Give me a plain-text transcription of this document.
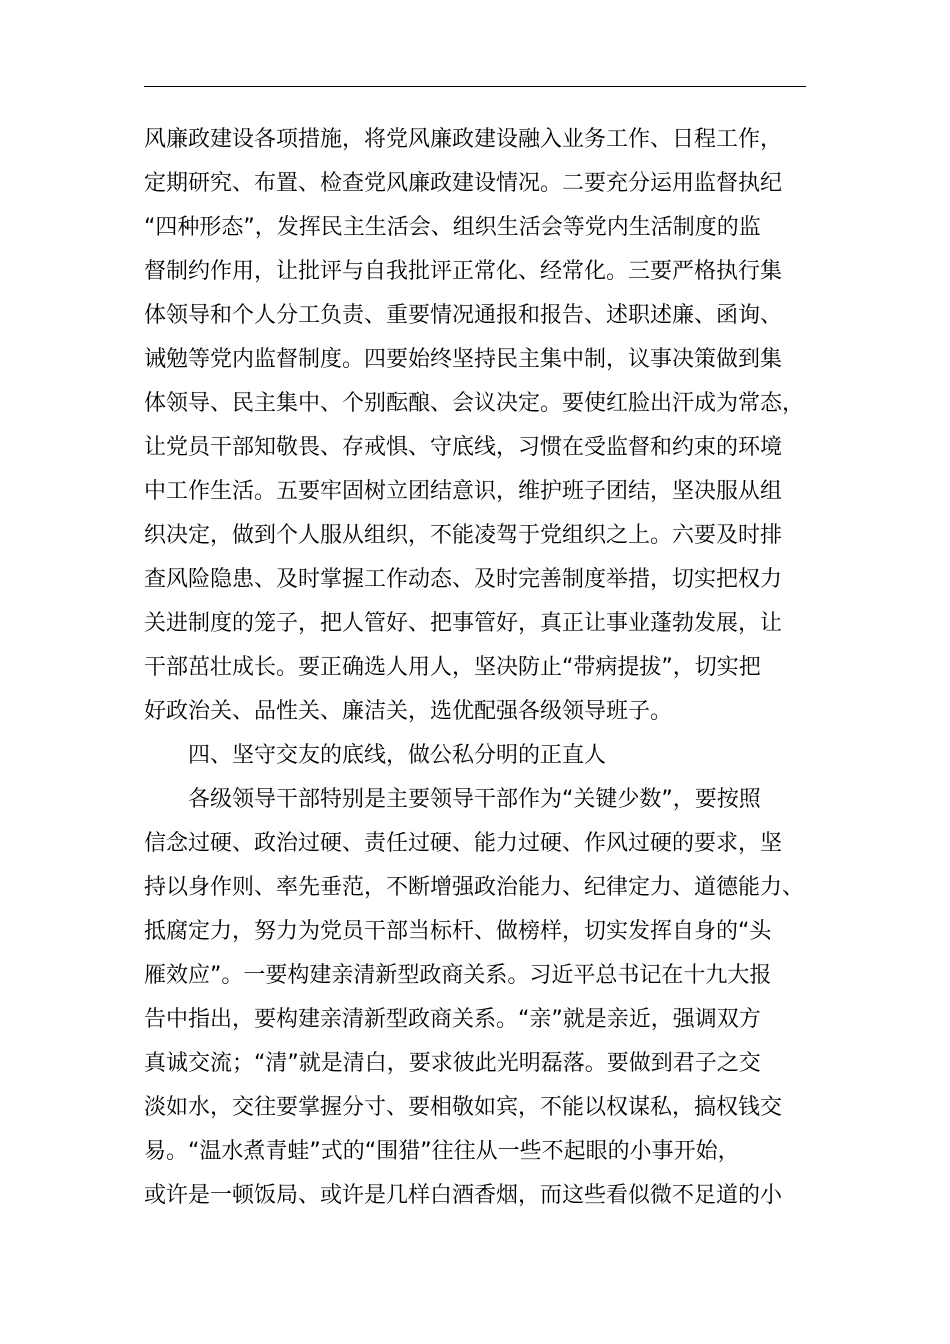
风廉政建设各项措施，将党风廉政建设融入业务工作、日程工作，
定期研究、布置、检查党风廉政建设情况。二要充分运用监督执纪
“四种形态”，发挥民主生活会、组织生活会等党内生活制度的监
督制约作用，让批评与自我批评正常化、经常化。三要严格执行集
体领导和个人分工负责、重要情况通报和报告、述职述廉、函询、
诫勉等党内监督制度。四要始终坚持民主集中制，议事决策做到集
体领导、民主集中、个别酝酿、会议决定。要使红脸出汗成为常态，
让党员干部知敬畏、存戒惧、守底线，习惯在受监督和约束的环境
中工作生活。五要牢固树立团结意识，维护班子团结，坚决服从组
织决定，做到个人服从组织，不能凌驾于党组织之上。六要及时排
查风险隐患、及时掌握工作动态、及时完善制度举措，切实把权力
关进制度的笼子，把人管好、把事管好，真正让事业蓬勃发展，让
干部茁壮成长。要正确选人用人，坚决防止“带病提拔”，切实把
好政治关、品性关、廉洁关，选优配强各级领导班子。
四、坚守交友的底线，做公私分明的正直人
各级领导干部特别是主要领导干部作为“关键少数”，要按照
信念过硬、政治过硬、责任过硬、能力过硬、作风过硬的要求，坚
持以身作则、率先垂范，不断增强政治能力、纪律定力、道德能力、
抵腐定力，努力为党员干部当标杆、做榜样，切实发挥自身的“头
雁效应”。一要构建亲清新型政商关系。习近平总书记在十九大报
告中指出，要构建亲清新型政商关系。“亲”就是亲近，强调双方
真诚交流；“清”就是清白，要求彼此光明磊落。要做到君子之交
淡如水，交往要掌握分寸、要相敬如宾，不能以权谋私，搞权钱交
易。“温水煮青蛙”式的“围猎”往往从一些不起眼的小事开始，
或许是一顿饭局、或许是几样白酒香烟，而这些看似微不足道的小
